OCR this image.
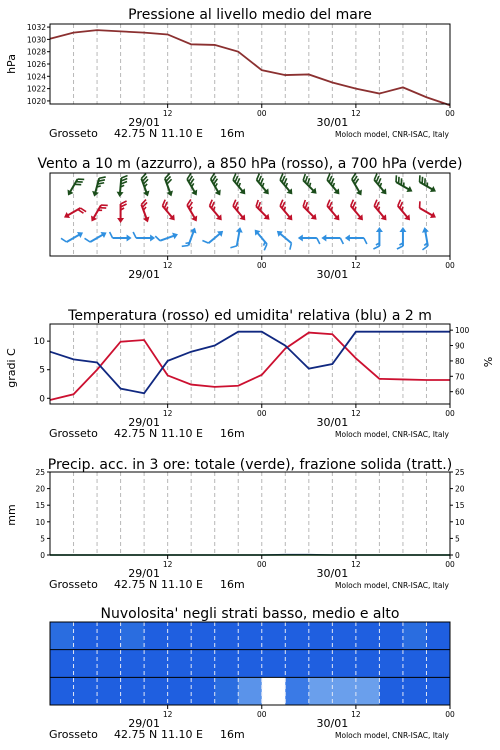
Pressione al livello medio del mare
Vento a 10 m (azzurro), a 850 hPa (rosso), a 700 hPa (verde)
Temperatura (rosso) ed umidita' relativa (blu) a 2 m
Precip. acc. in 3 ore: totale (verde), frazione solida (tratt.)
Nuvolosita' negli strati basso, medio e alto
hPa
gradi C	%
mm
1020
1022
1024
1026
1028
1030
1032
12	00	12	00
29/01	30/01
Grosseto 42.75 N 11.10 E 16m	Moloch model, CNR-ISAC, Italy
12	00	12	00
29/01	30/01
0
5
10
60
70
80
90
100
12	00	12	00
29/01	30/01
Grosseto 42.75 N 11.10 E 16m	Moloch model, CNR-ISAC, Italy
0	0
5	5
10	10
15	15
20	20
25	25
12	00	12	00
29/01	30/01
Grosseto 42.75 N 11.10 E 16m	Moloch model, CNR-ISAC, Italy
12	00	12	00
29/01	30/01
Grosseto 42.75 N 11.10 E 16m	Moloch model, CNR-ISAC, Italy
